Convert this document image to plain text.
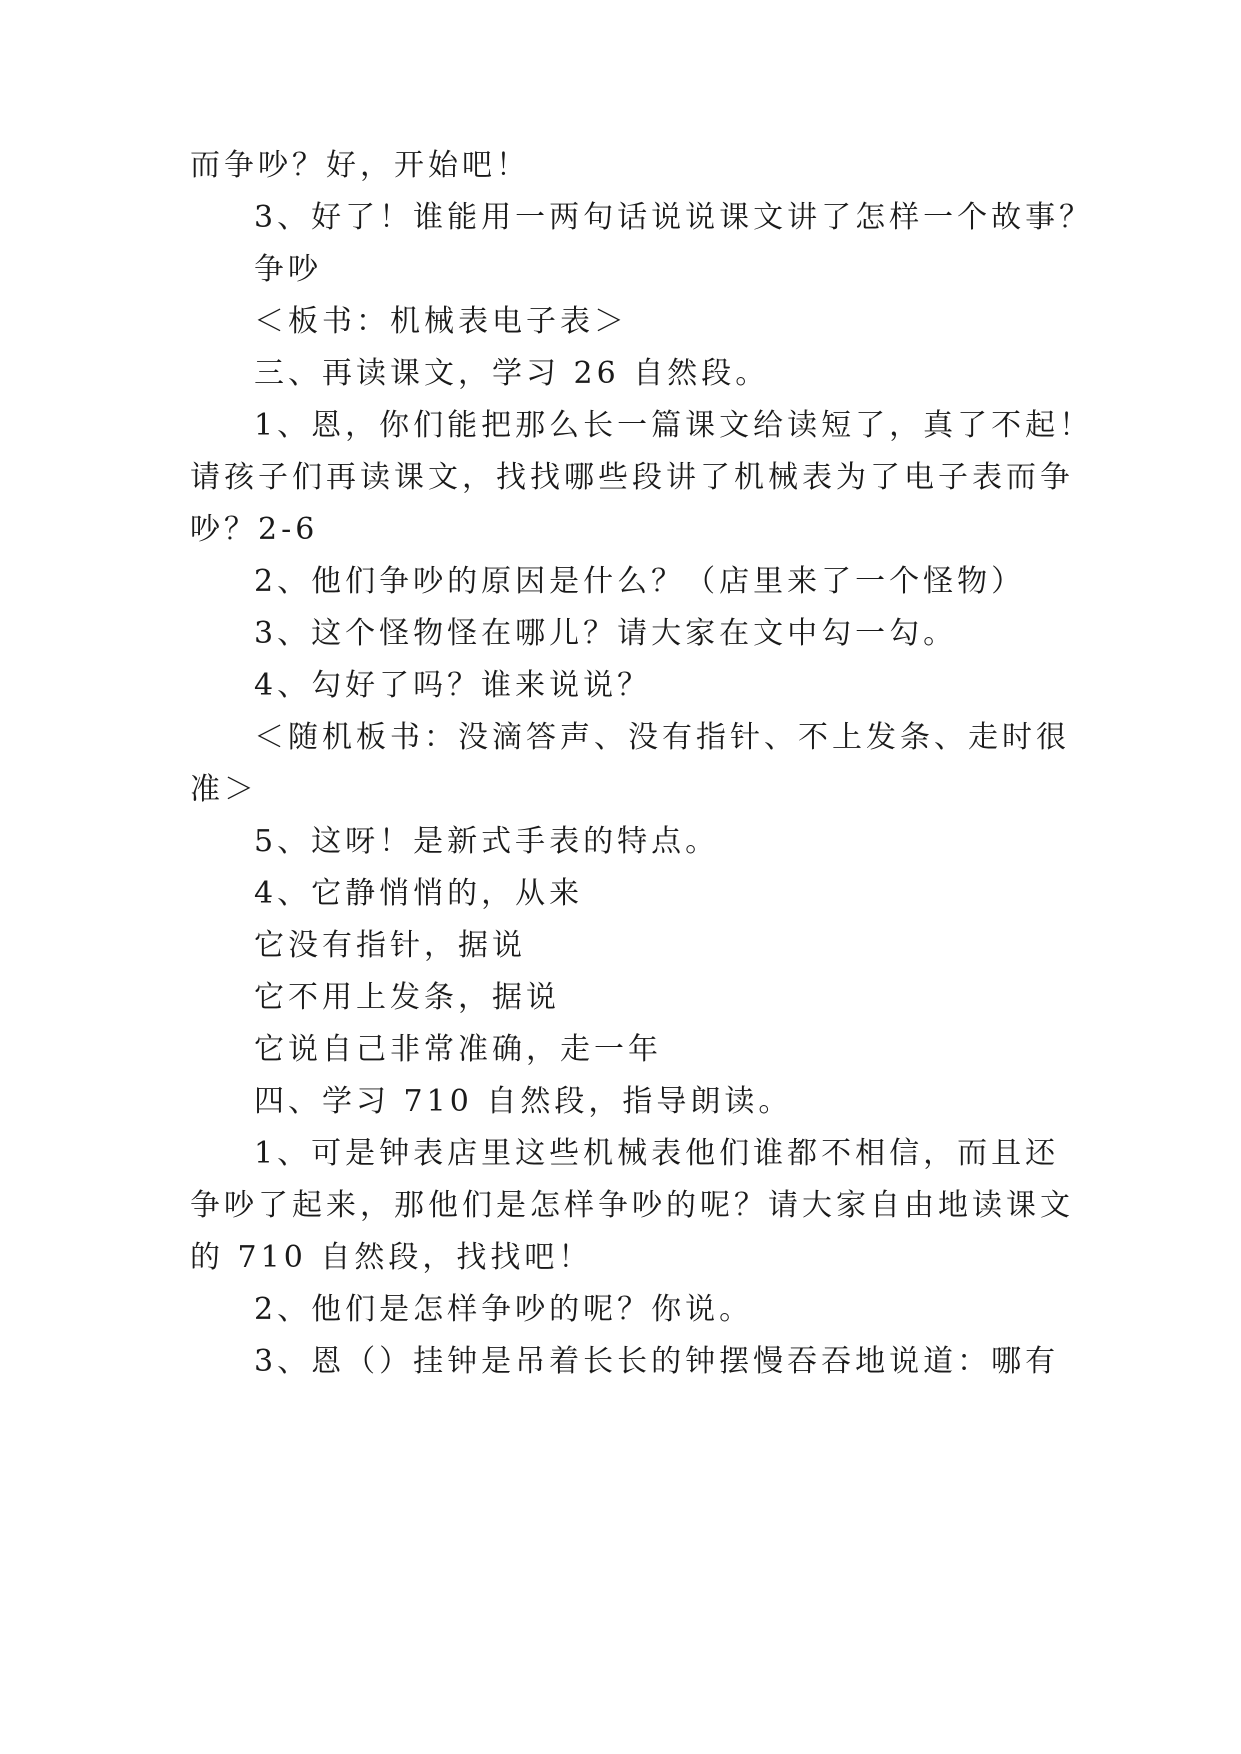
而争吵？好，开始吧！
3、好了！谁能用一两句话说说课文讲了怎样一个故事？
争吵
＜板书：机械表电子表＞
三、再读课文，学习 26 自然段。
1、恩，你们能把那么长一篇课文给读短了，真了不起！
请孩子们再读课文，找找哪些段讲了机械表为了电子表而争
吵？2-6
2、他们争吵的原因是什么？（店里来了一个怪物）
3、这个怪物怪在哪儿？请大家在文中勾一勾。
4、勾好了吗？谁来说说？
＜随机板书：没滴答声、没有指针、不上发条、走时很
准＞
5、这呀！是新式手表的特点。
4、它静悄悄的，从来
它没有指针，据说
它不用上发条，据说
它说自己非常准确，走一年
四、学习 710 自然段，指导朗读。
1、可是钟表店里这些机械表他们谁都不相信，而且还
争吵了起来，那他们是怎样争吵的呢？请大家自由地读课文
的 710 自然段，找找吧！
2、他们是怎样争吵的呢？你说。
3、恩（）挂钟是吊着长长的钟摆慢吞吞地说道：哪有
